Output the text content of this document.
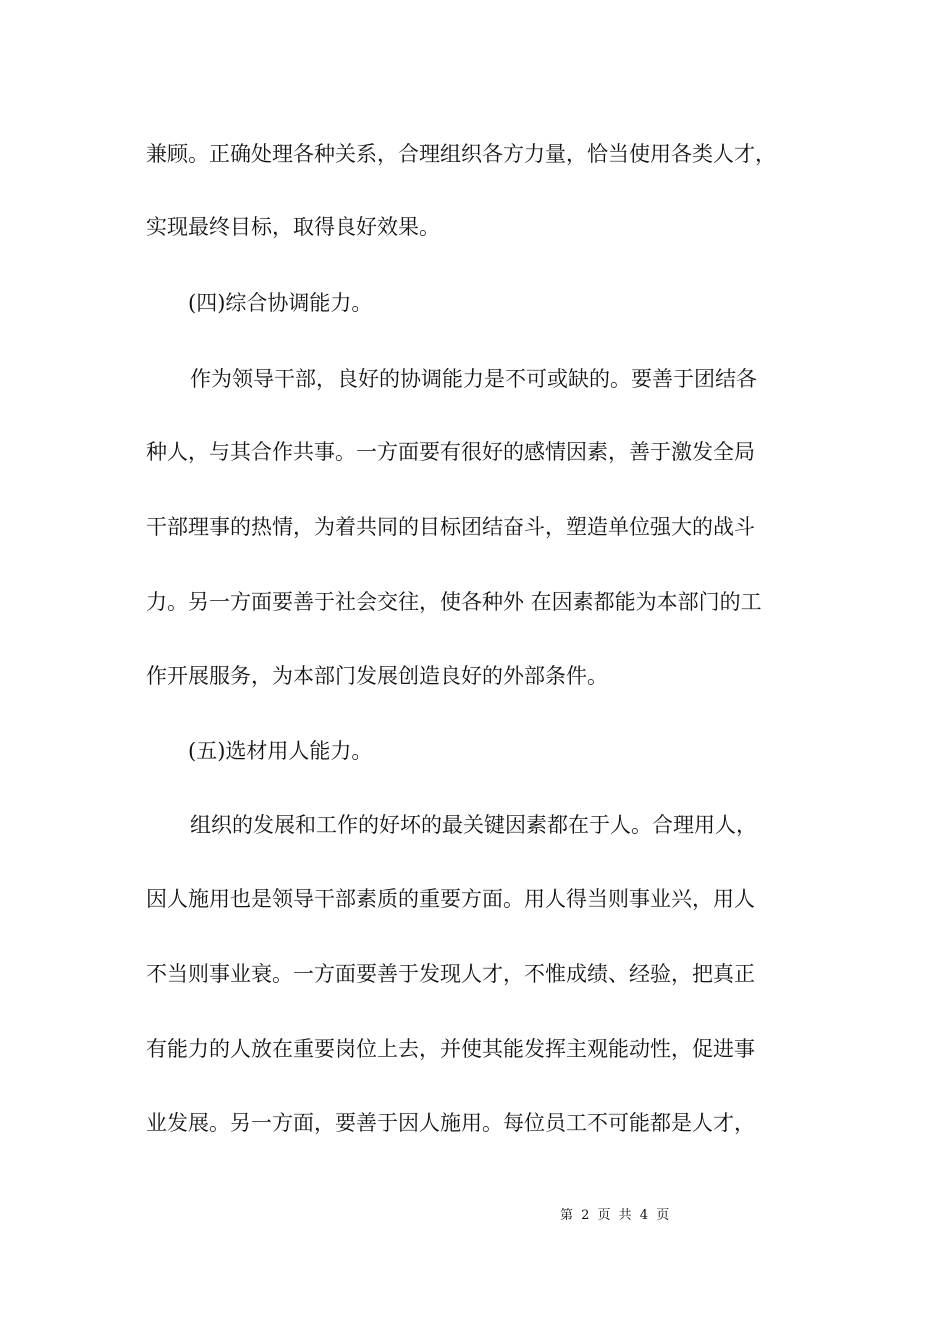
兼顾。正确处理各种关系，合理组织各方力量，恰当使用各类人才，

实现最终目标，取得良好效果。

(四)综合协调能力。

作为领导干部，良好的协调能力是不可或缺的。要善于团结各

种人，与其合作共事。一方面要有很好的感情因素，善于激发全局

干部理事的热情，为着共同的目标团结奋斗，塑造单位强大的战斗

力。另一方面要善于社会交往，使各种外 在因素都能为本部门的工

作开展服务，为本部门发展创造良好的外部条件。

(五)选材用人能力。

组织的发展和工作的好坏的最关键因素都在于人。合理用人，

因人施用也是领导干部素质的重要方面。用人得当则事业兴，用人

不当则事业衰。一方面要善于发现人才，不惟成绩、经验，把真正

有能力的人放在重要岗位上去，并使其能发挥主观能动性，促进事

业发展。另一方面，要善于因人施用。每位员工不可能都是人才，

第 2 页 共 4 页
